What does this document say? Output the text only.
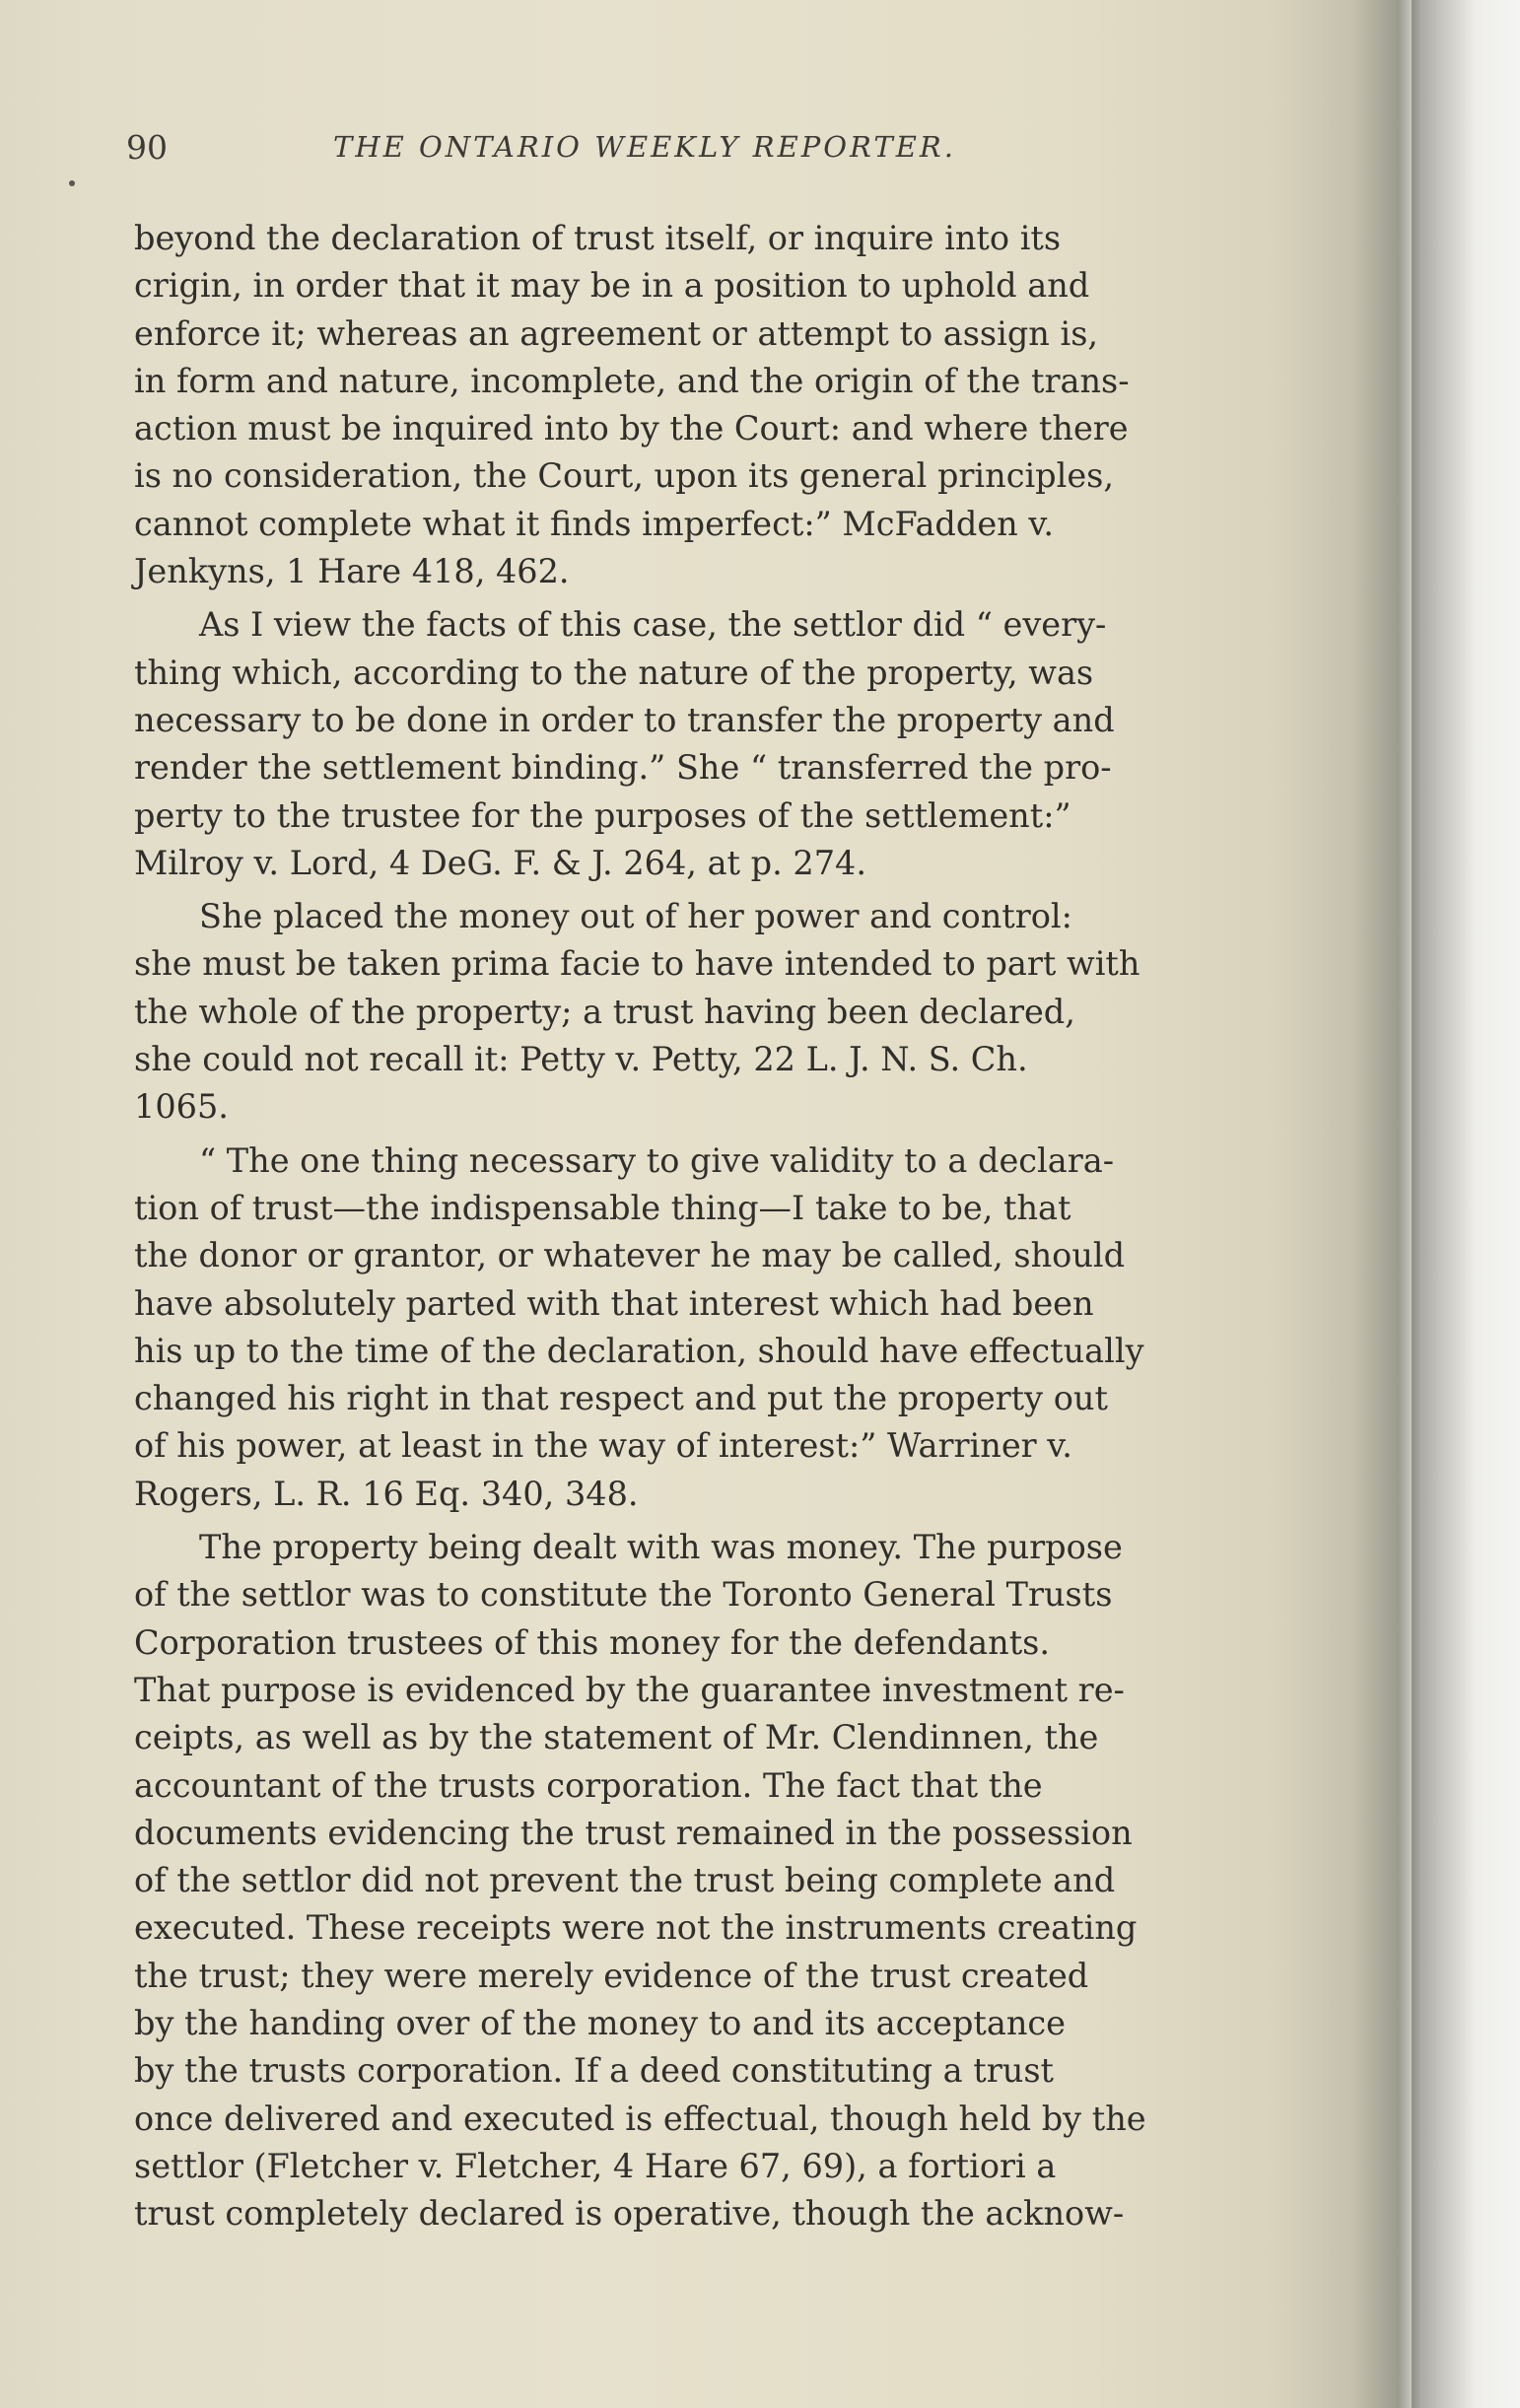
90	THE ONTARIO WEEKLY REPORTER.

beyond the declaration of trust itself, or inquire into its
crigin, in order that it may be in a position to uphold and
enforce it; whereas an agreement or attempt to assign is,
in form and nature, incomplete, and the origin of the trans-
action must be inquired into by the Court: and where there
is no consideration, the Court, upon its general principles,
cannot complete what it finds imperfect:” McFadden v.
Jenkyns, 1 Hare 418, 462.

As I view the facts of this case, the settlor did “ every-
thing which, according to the nature of the property, was
necessary to be done in order to transfer the property and
render the settlement binding.” She “ transferred the pro-
perty to the trustee for the purposes of the settlement:”
Milroy v. Lord, 4 DeG. F. & J. 264, at p. 274.

She placed the money out of her power and control:
she must be taken prima facie to have intended to part with
the whole of the property; a trust having been declared,
she could not recall it: Petty v. Petty, 22 L. J. N. S. Ch.
1065.

“ The one thing necessary to give validity to a declara-
tion of trust—the indispensable thing—I take to be, that
the donor or grantor, or whatever he may be called, should
have absolutely parted with that interest which had been
his up to the time of the declaration, should have effectually
changed his right in that respect and put the property out
of his power, at least in the way of interest:” Warriner v.
Rogers, L. R. 16 Eq. 340, 348.

The property being dealt with was money. The purpose
of the settlor was to constitute the Toronto General Trusts
Corporation trustees of this money for the defendants.
That purpose is evidenced by the guarantee investment re-
ceipts, as well as by the statement of Mr. Clendinnen, the
accountant of the trusts corporation. The fact that the
documents evidencing the trust remained in the possession
of the settlor did not prevent the trust being complete and
executed. These receipts were not the instruments creating
the trust; they were merely evidence of the trust created
by the handing over of the money to and its acceptance
by the trusts corporation. If a deed constituting a trust
once delivered and executed is effectual, though held by the
settlor (Fletcher v. Fletcher, 4 Hare 67, 69), a fortiori a
trust completely declared is operative, though the acknow-
